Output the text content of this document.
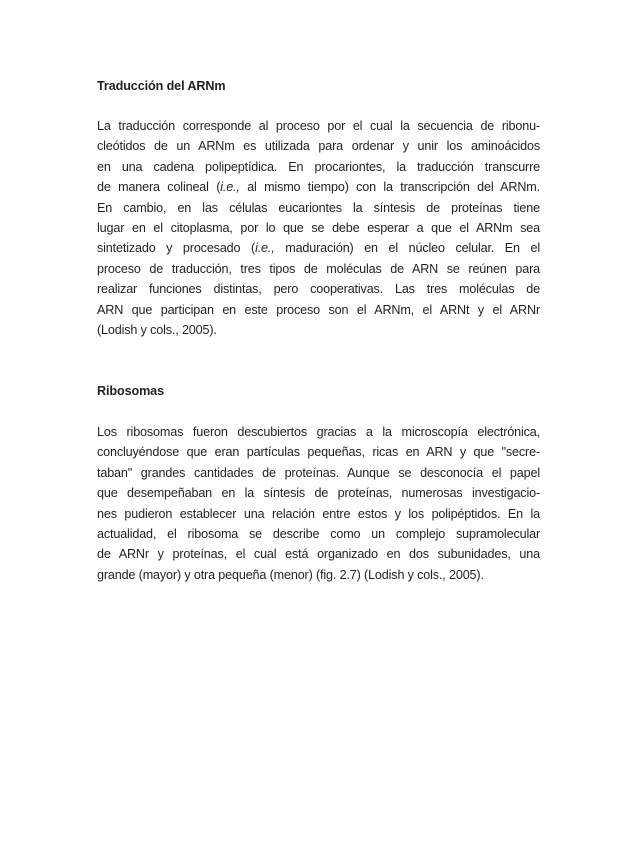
Traducción del ARNm
La traducción corresponde al proceso por el cual la secuencia de ribonu-
cleótidos de un ARNm es utilizada para ordenar y unir los aminoácidos
en una cadena polipeptídica. En procariontes, la traducción transcurre
de manera colineal (i.e., al mismo tiempo) con la transcripción del ARNm.
En cambio, en las células eucariontes la síntesis de proteínas tiene
lugar en el citoplasma, por lo que se debe esperar a que el ARNm sea
sintetizado y procesado (i.e., maduración) en el núcleo celular. En el
proceso de traducción, tres tipos de moléculas de ARN se reúnen para
realizar funciones distintas, pero cooperativas. Las tres moléculas de
ARN que participan en este proceso son el ARNm, el ARNt y el ARNr
(Lodish y cols., 2005).
Ribosomas
Los ribosomas fueron descubiertos gracias a la microscopía electrónica,
concluyéndose que eran partículas pequeñas, ricas en ARN y que "secre-
taban" grandes cantidades de proteínas. Aunque se desconocía el papel
que desempeñaban en la síntesis de proteínas, numerosas investigacio-
nes pudieron establecer una relación entre estos y los polipéptidos. En la
actualidad, el ribosoma se describe como un complejo supramolecular
de ARNr y proteínas, el cual está organizado en dos subunidades, una
grande (mayor) y otra pequeña (menor) (fig. 2.7) (Lodish y cols., 2005).
